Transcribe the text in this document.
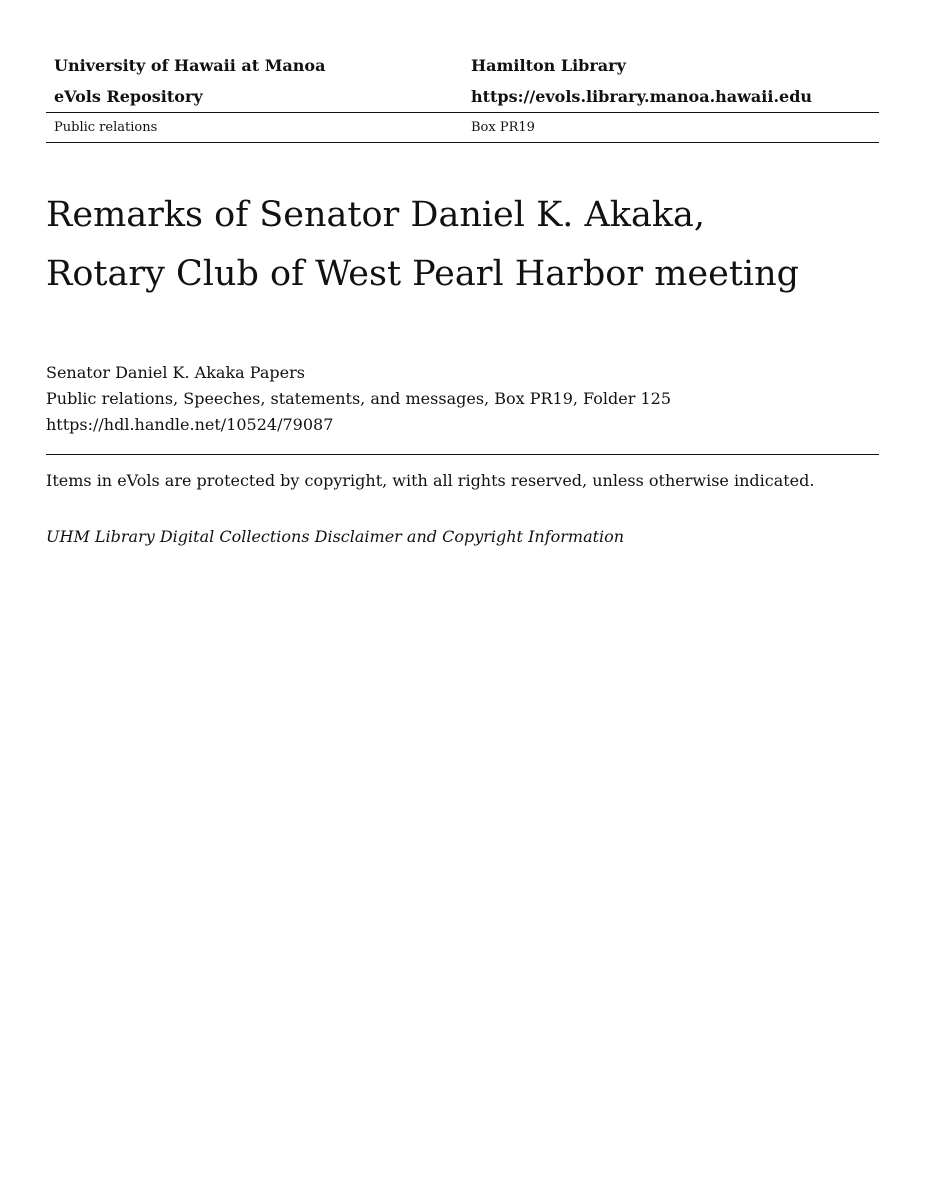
University of Hawaii at Manoa	Hamilton Library
eVols Repository	https://evols.library.manoa.hawaii.edu
Public relations	Box PR19
Remarks of Senator Daniel K. Akaka,
Rotary Club of West Pearl Harbor meeting
Senator Daniel K. Akaka Papers
Public relations, Speeches, statements, and messages, Box PR19, Folder 125
https://hdl.handle.net/10524/79087
Items in eVols are protected by copyright, with all rights reserved, unless otherwise indicated.
UHM Library Digital Collections Disclaimer and Copyright Information
